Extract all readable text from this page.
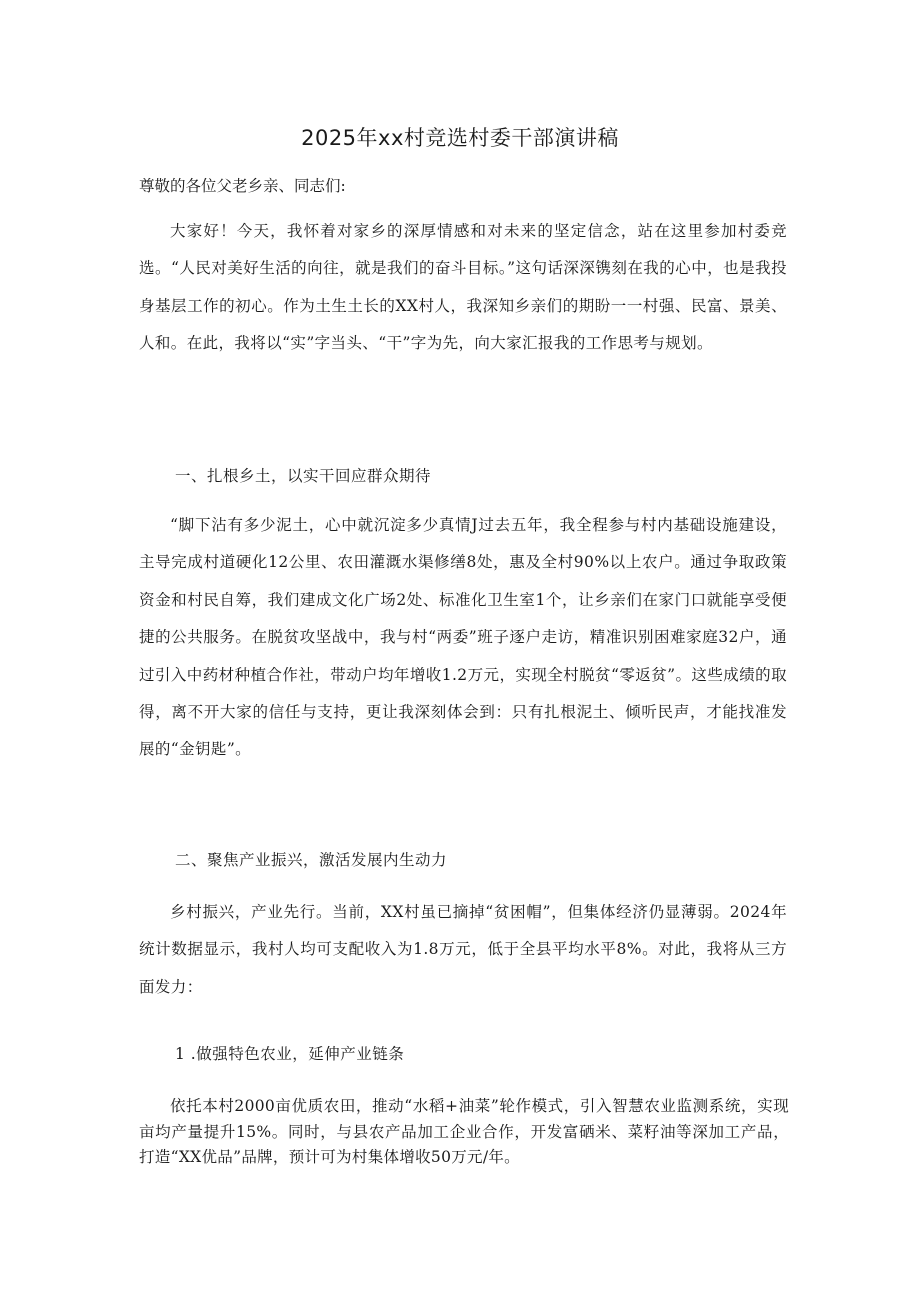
2025年xx村竞选村委干部演讲稿

尊敬的各位父老乡亲、同志们:

大家好！今天，我怀着对家乡的深厚情感和对未来的坚定信念，站在这里参加村委竞选。“人民对美好生活的向往，就是我们的奋斗目标。”这句话深深镌刻在我的心中，也是我投身基层工作的初心。作为土生土长的XX村人，我深知乡亲们的期盼一一村强、民富、景美、人和。在此，我将以“实”字当头、“干”字为先，向大家汇报我的工作思考与规划。

一、扎根乡土，以实干回应群众期待

“脚下沾有多少泥土，心中就沉淀多少真情J过去五年，我全程参与村内基础设施建设，主导完成村道硬化12公里、农田灌溉水渠修缮8处，惠及全村90%以上农户。通过争取政策资金和村民自筹，我们建成文化广场2处、标准化卫生室1个，让乡亲们在家门口就能享受便捷的公共服务。在脱贫攻坚战中，我与村“两委”班子逐户走访，精准识别困难家庭32户，通过引入中药材种植合作社，带动户均年增收1.2万元，实现全村脱贫“零返贫”。这些成绩的取得，离不开大家的信任与支持，更让我深刻体会到：只有扎根泥土、倾听民声，才能找准发展的“金钥匙”。

二、聚焦产业振兴，激活发展内生动力

乡村振兴，产业先行。当前，XX村虽已摘掉“贫困帽”，但集体经济仍显薄弱。2024年统计数据显示，我村人均可支配收入为1.8万元，低于全县平均水平8%。对此，我将从三方面发力：

1 .做强特色农业，延伸产业链条

依托本村2000亩优质农田，推动“水稻+油菜”轮作模式，引入智慧农业监测系统，实现亩均产量提升15%。同时，与县农产品加工企业合作，开发富硒米、菜籽油等深加工产品，打造“XX优品”品牌，预计可为村集体增收50万元/年。
